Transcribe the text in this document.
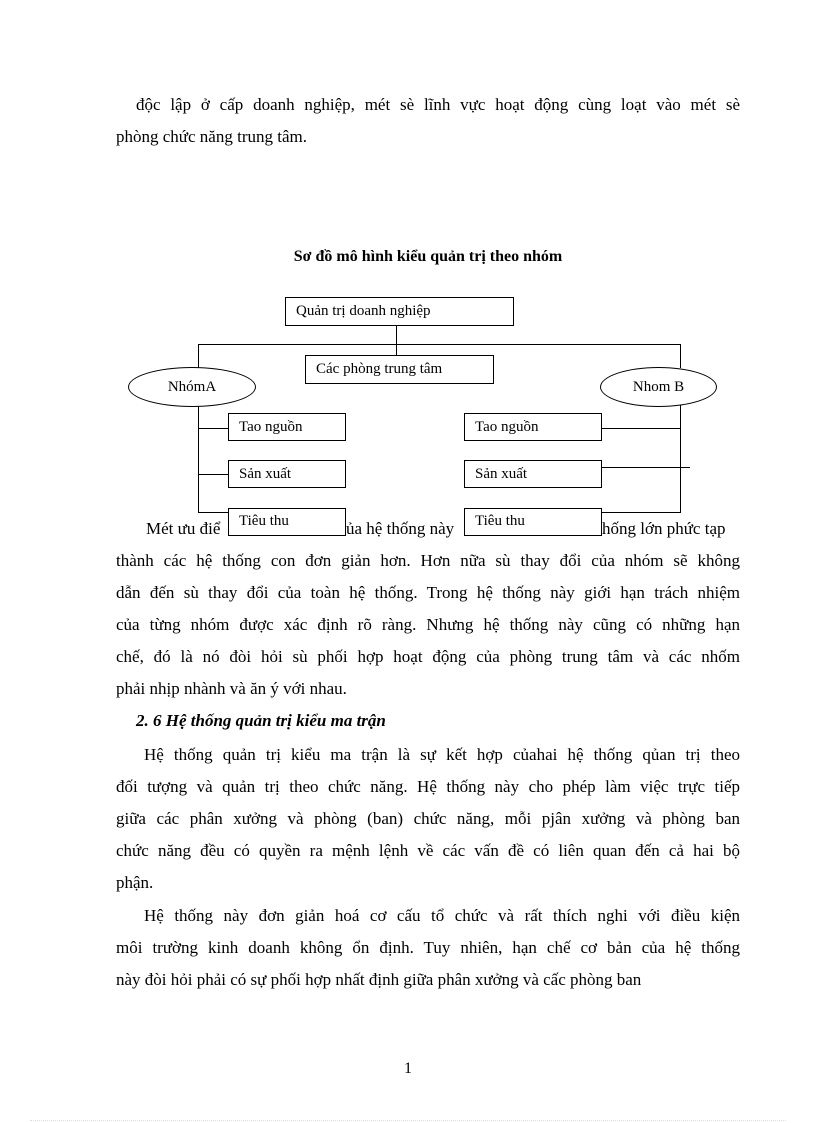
độc lập ở cấp doanh nghiệp, mét sè lĩnh vực hoạt động cùng loạt vào mét sè
phòng chức năng trung tâm.
Sơ đồ mô hình kiểu quản trị theo nhóm
Quản trị doanh nghiệp
Các phòng trung tâm
NhómA	Nhom B
Tao nguồn
Sản xuất
Tiêu thu
Tao nguồn
Sản xuất
Tiêu thu
Mét ưu điể	ủa hệ thống này	hống lớn phức tạp
thành các hệ thống con đơn giản hơn. Hơn nữa sù thay đổi của nhóm sẽ không
dẫn đến sù thay đổi của toàn hệ thống. Trong hệ thống này giới hạn trách nhiệm
của từng nhóm được xác định rõ ràng. Nhưng hệ thống này cũng có những hạn
chế, đó là nó đòi hỏi sù phối hợp hoạt động của phòng trung tâm và các nhốm
phải nhịp nhành và ăn ý với nhau.
2. 6 Hệ thống quản trị kiểu ma trận
Hệ thống quản trị kiểu ma trận là sự kết hợp củahai hệ thống qủan trị theo
đối tượng và quản trị theo chức năng. Hệ thống này cho phép làm việc trực tiếp
giữa các phân xưởng và phòng (ban) chức năng, mỗi pjân xưởng và phòng ban
chức năng đều có quyền ra mệnh lệnh về các vấn đề có liên quan đến cả hai bộ
phận.
Hệ thống này đơn giản hoá cơ cấu tổ chức và rất thích nghi với điều kiện
môi trường kinh doanh không ổn định. Tuy nhiên, hạn chế cơ bản của hệ thống
này đòi hỏi phải có sự phối hợp nhất định giữa phân xưởng và cấc phòng ban
1
